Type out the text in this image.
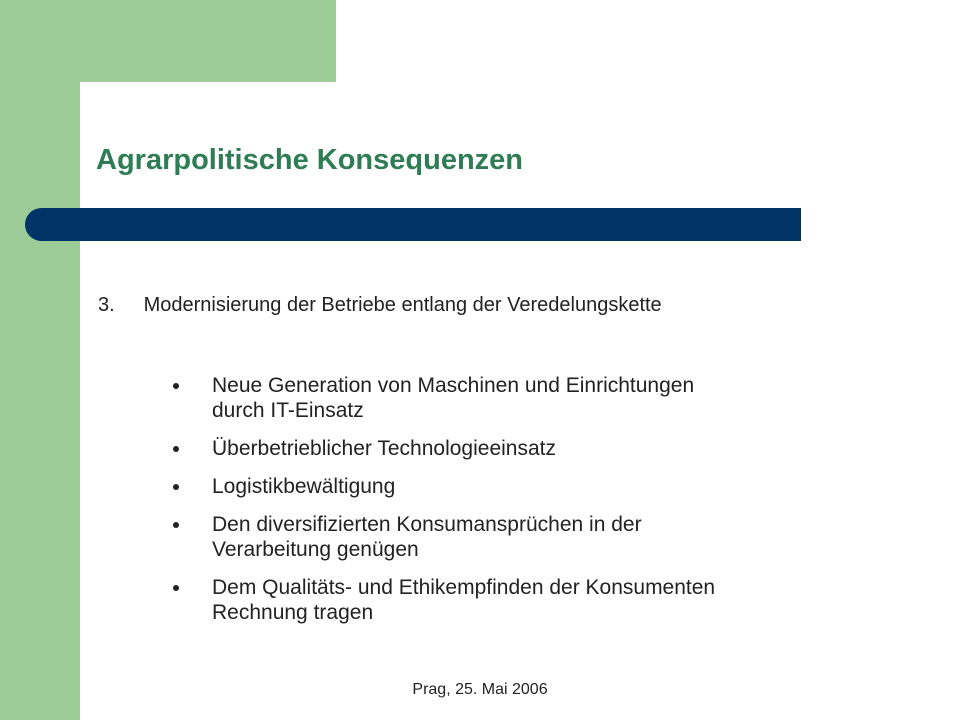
Agrarpolitische Konsequenzen
3. Modernisierung der Betriebe entlang der Veredelungskette
Neue Generation von Maschinen und Einrichtungen
durch IT-Einsatz
Überbetrieblicher Technologieeinsatz
Logistikbewältigung
Den diversifizierten Konsumansprüchen in der
Verarbeitung genügen
Dem Qualitäts- und Ethikempfinden der Konsumenten
Rechnung tragen
Prag, 25. Mai 2006
